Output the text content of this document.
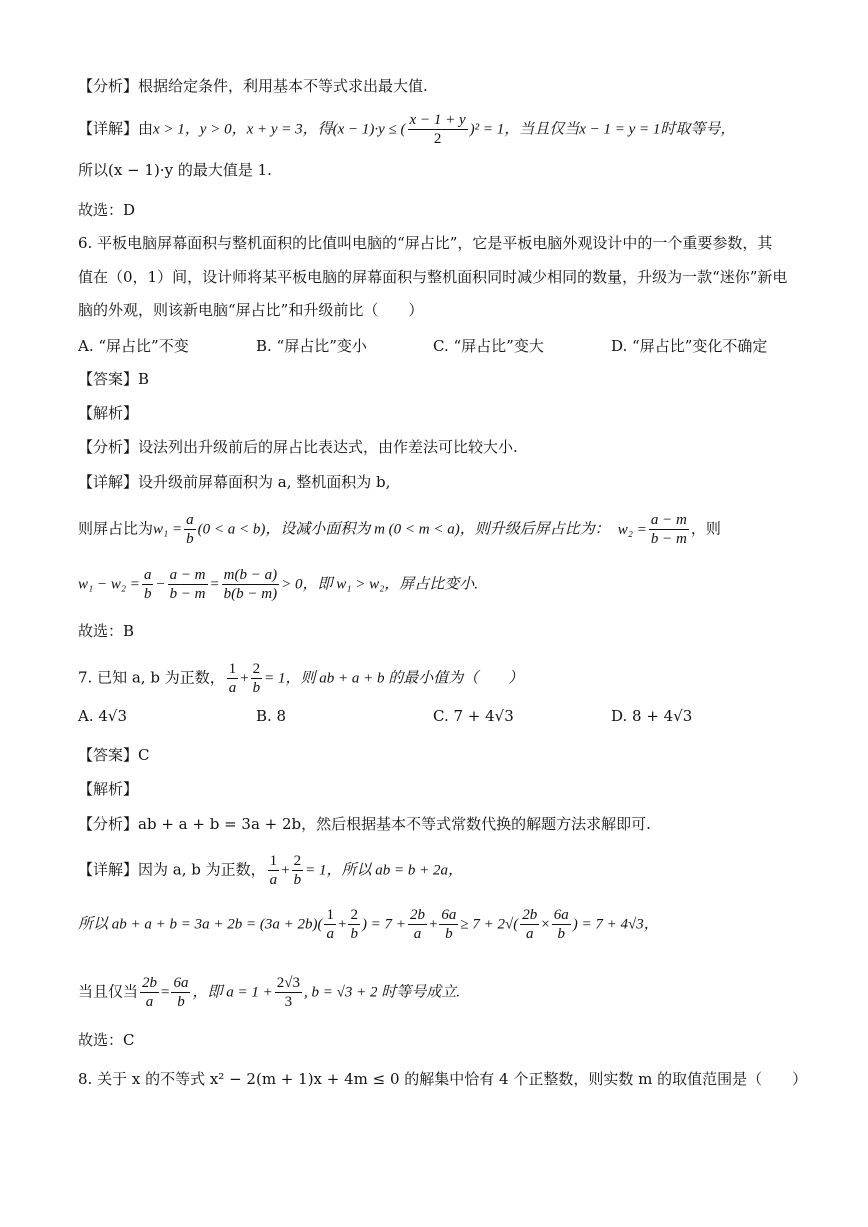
【分析】根据给定条件，利用基本不等式求出最大值.
【详解】由x > 1，y > 0，x + y = 3，得(x − 1)·y ≤ ( $\frac{x - 1 + y}{2} )^2 = 1$，当且仅当x − 1 = y = 1时取等号，
所以(x − 1)·y 的最大值是 1.
故选：D
6. 平板电脑屏幕面积与整机面积的比值叫电脑的“屏占比”，它是平板电脑外观设计中的一个重要参数，其
值在（0，1）间，设计师将某平板电脑的屏幕面积与整机面积同时减少相同的数量，升级为一款“迷你”新电
脑的外观，则该新电脑“屏占比”和升级前比（　　）
A. “屏占比”不变	B. “屏占比”变小	C. “屏占比”变大	D. “屏占比”变化不确定
【答案】B
【解析】
【分析】设法列出升级前后的屏占比表达式，由作差法可比较大小.
【详解】设升级前屏幕面积为 a, 整机面积为 b,
则屏占比为$w_1 = \frac{a}{b} (0 < a < b)$，设减小面积为 m (0 < m < a)，则升级后屏占比为： $w_2 = \frac{a - m}{b - m}$ ，则
$w_1 - w_2 = \frac{a}{b} - \frac{a - m}{b - m} = \frac{m(b - a)}{b(b - m)} > 0$，即 w₁ > w₂，屏占比变小.
故选：B
7. 已知 a, b 为正数， $\frac{1}{a} + \frac{2}{b} = 1$，则 ab + a + b 的最小值为（　　）
A. 4√3	B. 8	C. 7 + 4√3	D. 8 + 4√3
【答案】C
【解析】
【分析】ab + a + b = 3a + 2b，然后根据基本不等式常数代换的解题方法求解即可.
【详解】因为 a, b 为正数， $\frac{1}{a} + \frac{2}{b} = 1$，所以 ab = b + 2a，
所以 ab + $a + b = 3a + 2b = (3a + 2b)( \frac{1}{a} + \frac{2}{b}$ ) = $7 + \frac{2b}{a} + \frac{6a}{b} \ge 7 + 2√( \frac{2b}{a} \times \frac{6a}{b}$ ) = 7 + 4√3，
当且仅当 $\frac{2b}{a} = \frac{6a}{b}$ ，即 $a = 1 + \frac{2√3}{3}$ , b = √3 + 2 时等号成立.
故选：C
8. 关于 x 的不等式 x² − 2(m + 1)x + 4m ≤ 0 的解集中恰有 4 个正整数，则实数 m 的取值范围是（　　）
